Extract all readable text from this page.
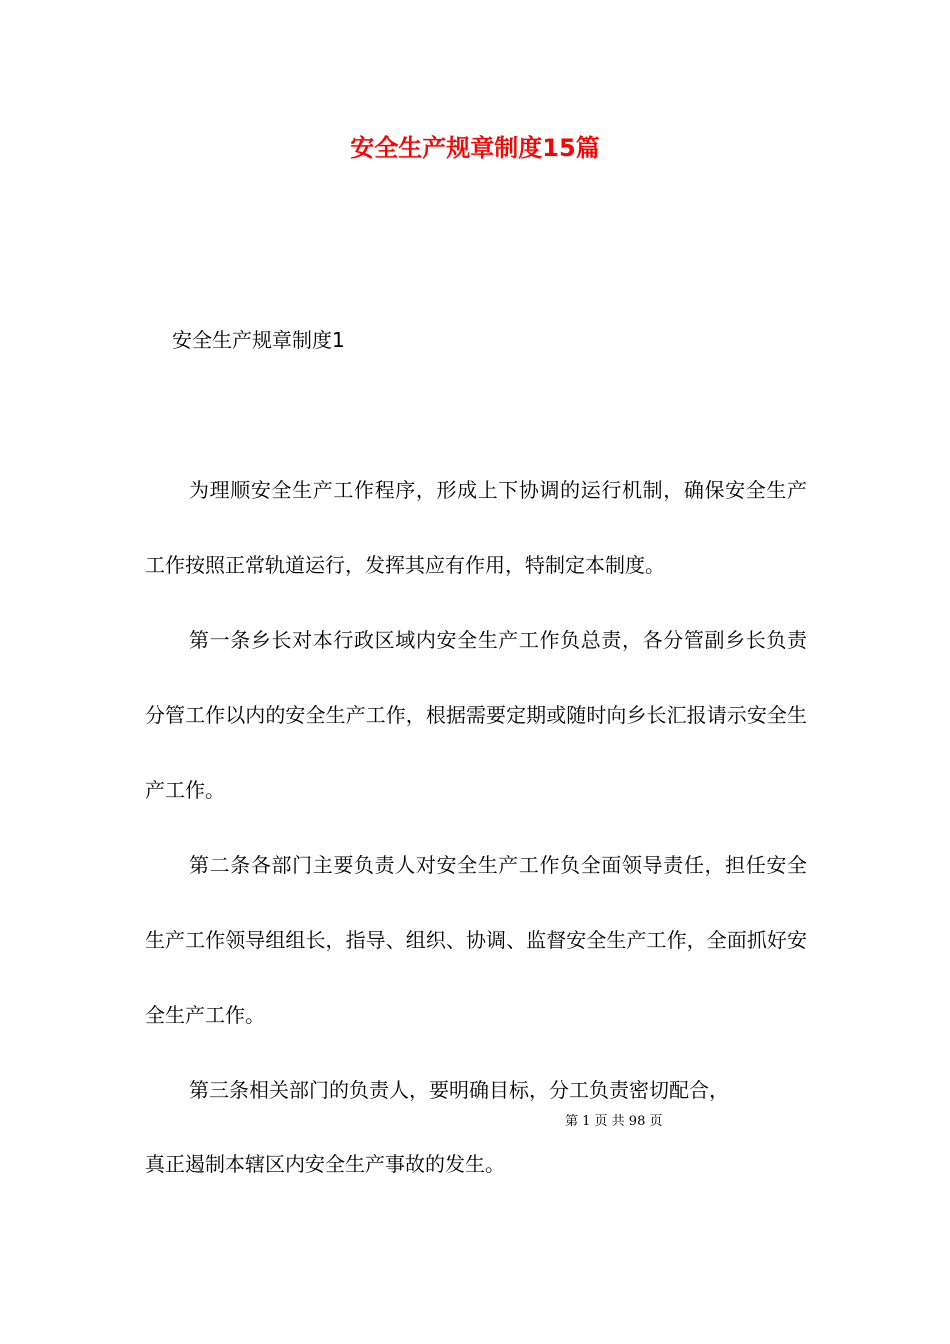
安全生产规章制度15篇

安全生产规章制度1

为理顺安全生产工作程序，形成上下协调的运行机制，确保安全生产工作按照正常轨道运行，发挥其应有作用，特制定本制度。
第一条乡长对本行政区域内安全生产工作负总责，各分管副乡长负责分管工作以内的安全生产工作，根据需要定期或随时向乡长汇报请示安全生产工作。
第二条各部门主要负责人对安全生产工作负全面领导责任，担任安全生产工作领导组组长，指导、组织、协调、监督安全生产工作，全面抓好安全生产工作。
第三条相关部门的负责人，要明确目标，分工负责密切配合，

第 1 页 共 98 页

真正遏制本辖区内安全生产事故的发生。
